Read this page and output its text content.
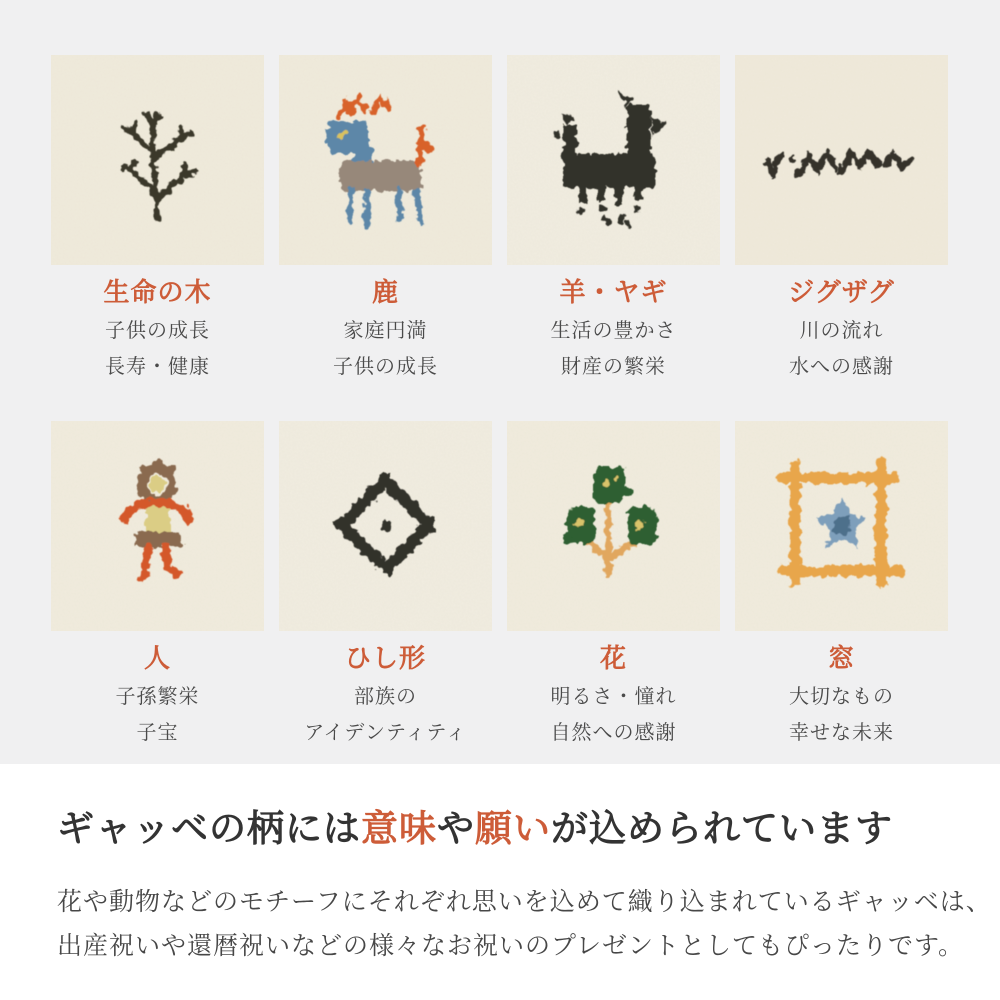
生命の木
子供の成長
長寿・健康
鹿
家庭円満
子供の成長
羊・ヤギ
生活の豊かさ
財産の繁栄
ジグザグ
川の流れ
水への感謝
人
子孫繁栄
子宝
ひし形
部族の
アイデンティティ
花
明るさ・憧れ
自然への感謝
窓
大切なもの
幸せな未来
ギャッベの柄には意味や願いが込められています
花や動物などのモチーフにそれぞれ思いを込めて織り込まれているギャッベは、
出産祝いや還暦祝いなどの様々なお祝いのプレゼントとしてもぴったりです。
